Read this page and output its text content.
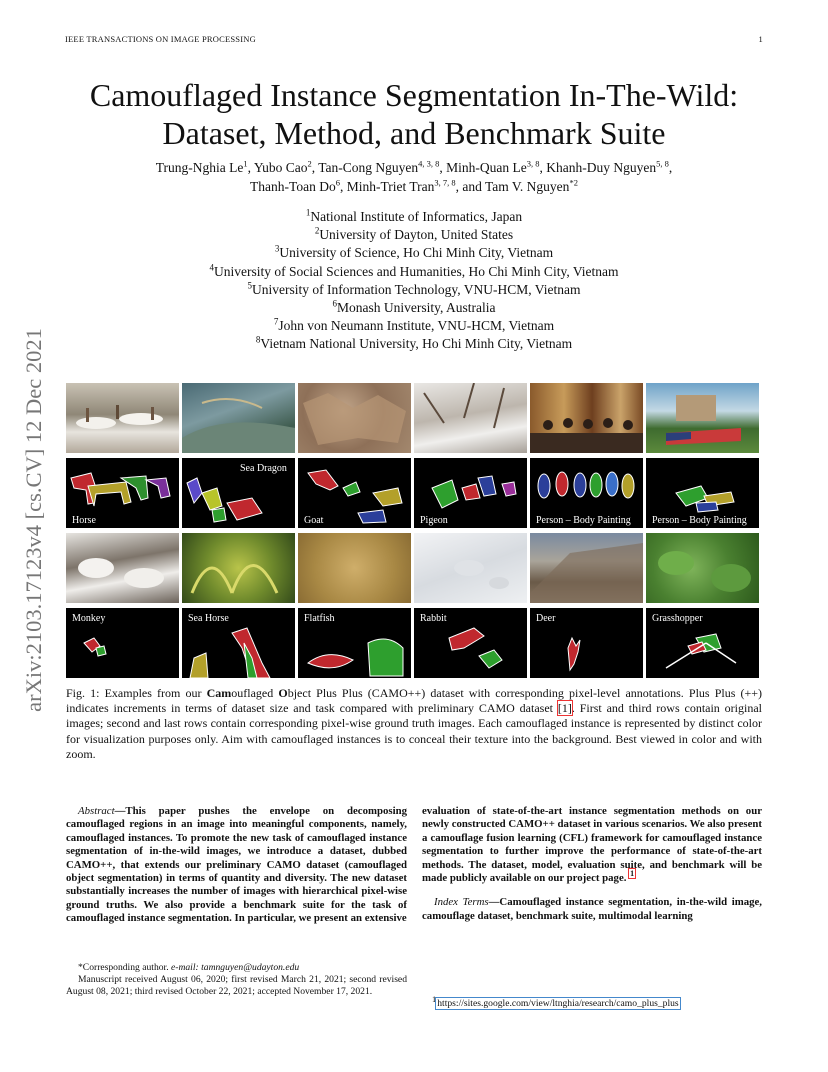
IEEE TRANSACTIONS ON IMAGE PROCESSING	1
arXiv:2103.17123v4 [cs.CV] 12 Dec 2021
Camouflaged Instance Segmentation In-The-Wild:
Dataset, Method, and Benchmark Suite
Trung-Nghia Le$^1$, Yubo Cao$^2$, Tan-Cong Nguyen$^{4, 3, 8}$, Minh-Quan Le$^{3, 8}$, Khanh-Duy Nguyen$^{5, 8}$,
Thanh-Toan Do$^6$, Minh-Triet Tran$^{3, 7, 8}$, and Tam V. Nguyen$^{*2}$
$^1$National Institute of Informatics, Japan
$^2$University of Dayton, United States
$^3$University of Science, Ho Chi Minh City, Vietnam
$^4$University of Social Sciences and Humanities, Ho Chi Minh City, Vietnam
$^5$University of Information Technology, VNU-HCM, Vietnam
$^6$Monash University, Australia
$^7$John von Neumann Institute, VNU-HCM, Vietnam
$^8$Vietnam National University, Ho Chi Minh City, Vietnam
Horse
Sea Dragon
Goat	Pigeon	Person – Body Painting Person – Body Painting
Monkey	Sea Horse	Flatfish	Rabbit	Deer	Grasshopper
Fig. 1: Examples from our Camouflaged Object Plus Plus (CAMO++) dataset with corresponding pixel-level annotations. Plus Plus (++) indicates increments in terms of dataset size and task compared with preliminary CAMO dataset [1]. First and third rows contain original images; second and last rows contain corresponding pixel-wise ground truth images. Each camouflaged instance is represented by distinct color for visualization purposes only. Aim with camouflaged instances is to conceal their texture into the background. Best viewed in color and with zoom.
Abstract—This paper pushes the envelope on decomposing camouflaged regions in an image into meaningful components, namely, camouflaged instances. To promote the new task of camouflaged instance segmentation of in-the-wild images, we introduce a dataset, dubbed CAMO++, that extends our preliminary CAMO dataset (camouflaged object segmentation) in terms of quantity and diversity. The new dataset substantially increases the number of images with hierarchical pixel-wise ground truths. We also provide a benchmark suite for the task of camouflaged instance segmentation. In particular, we present an extensive
evaluation of state-of-the-art instance segmentation methods on our newly constructed CAMO++ dataset in various scenarios. We also present a camouflage fusion learning (CFL) framework for camouflaged instance segmentation to further improve the performance of state-of-the-art methods. The dataset, model, evaluation suite, and benchmark will be made publicly available on our project page. $^1$
Index Terms—Camouflaged instance segmentation, in-the-wild image, camouflage dataset, benchmark suite, multimodal learning

*Corresponding author. e-mail: tamnguyen@udayton.edu

Manuscript received August 06, 2020; first revised March 21, 2021; second revised August 08, 2021; third revised October 22, 2021; accepted November 17, 2021.

$^1$https://sites.google.com/view/ltnghia/research/camo_plus_plus
